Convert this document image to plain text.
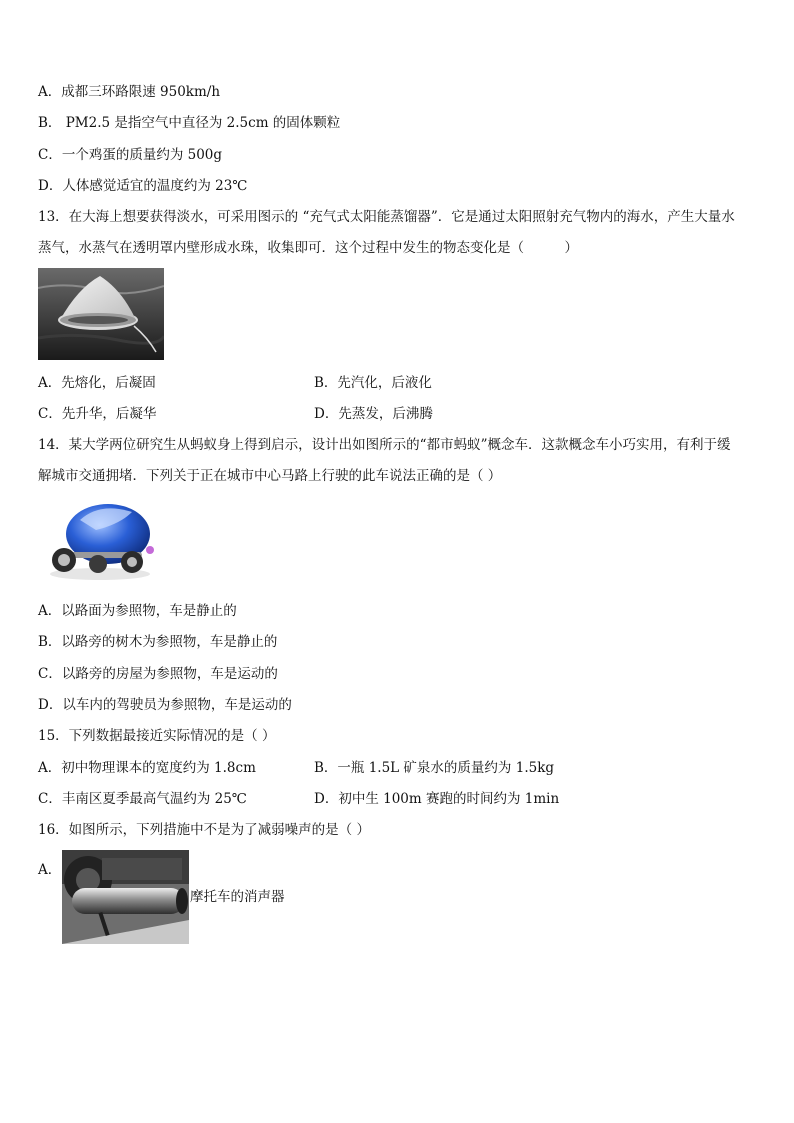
A．成都三环路限速 950km/h
B． PM2.5 是指空气中直径为 2.5cm 的固体颗粒
C．一个鸡蛋的质量约为 500g
D．人体感觉适宜的温度约为 23℃
13．在大海上想要获得淡水，可采用图示的 “充气式太阳能蒸馏器”．它是通过太阳照射充气物内的海水，产生大量水
蒸气，水蒸气在透明罩内壁形成水珠，收集即可．这个过程中发生的物态变化是（　　　）
A．先熔化，后凝固	B．先汽化，后液化
C．先升华，后凝华	D．先蒸发，后沸腾
14．某大学两位研究生从蚂蚁身上得到启示，设计出如图所示的“都市蚂蚁”概念车．这款概念车小巧实用，有利于缓
解城市交通拥堵．下列关于正在城市中心马路上行驶的此车说法正确的是（ ）
A．以路面为参照物，车是静止的
B．以路旁的树木为参照物，车是静止的
C．以路旁的房屋为参照物，车是运动的
D．以车内的驾驶员为参照物，车是运动的
15．下列数据最接近实际情况的是（ ）
A．初中物理课本的宽度约为 1.8cm	B．一瓶 1.5L 矿泉水的质量约为 1.5kg
C．丰南区夏季最高气温约为 25℃	D．初中生 100m 赛跑的时间约为 1min
16．如图所示，下列措施中不是为了减弱噪声的是（ ）
A．
摩托车的消声器
